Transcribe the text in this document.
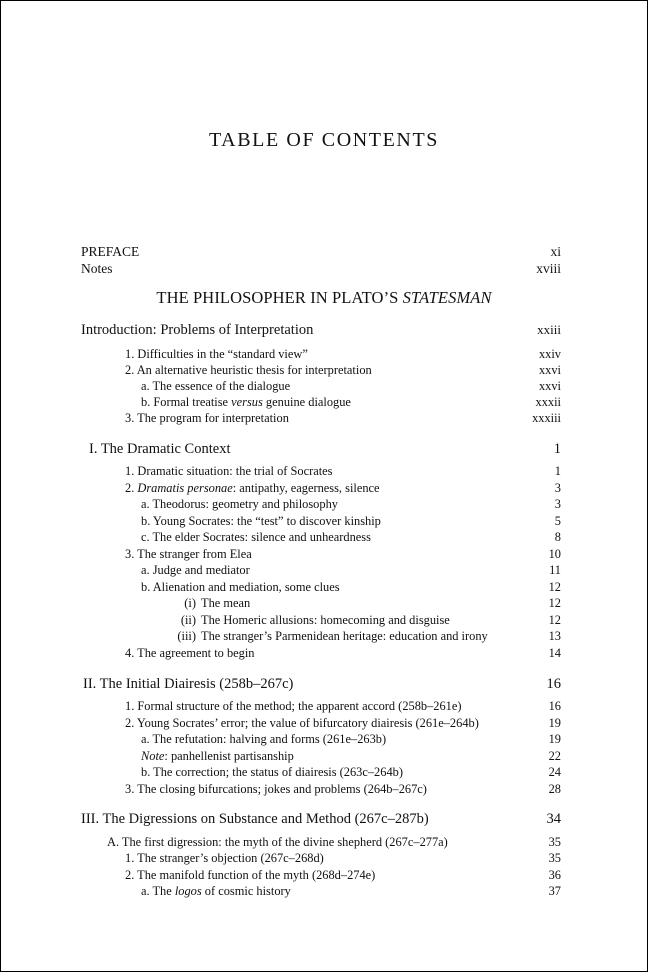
TABLE OF CONTENTS
PREFACE	xi
Notes	xviii
THE PHILOSOPHER IN PLATO’S STATESMAN
Introduction: Problems of Interpretation	xxiii
1. Difficulties in the “standard view”	xxiv
2. An alternative heuristic thesis for interpretation	xxvi
a. The essence of the dialogue	xxvi
b. Formal treatise versus genuine dialogue	xxxii
3. The program for interpretation	xxxiii
I. The Dramatic Context	1
1. Dramatic situation: the trial of Socrates	1
2. Dramatis personae: antipathy, eagerness, silence	3
a. Theodorus: geometry and philosophy	3
b. Young Socrates: the “test” to discover kinship	5
c. The elder Socrates: silence and unheardness	8
3. The stranger from Elea	10
a. Judge and mediator	11
b. Alienation and mediation, some clues	12
(i) The mean	12
(ii) The Homeric allusions: homecoming and disguise	12
(iii) The stranger’s Parmenidean heritage: education and irony	13
4. The agreement to begin	14
II. The Initial Diairesis (258b–267c)	16
1. Formal structure of the method; the apparent accord (258b–261e)	16
2. Young Socrates’ error; the value of bifurcatory diairesis (261e–264b)	19
a. The refutation: halving and forms (261e–263b)	19
Note: panhellenist partisanship	22
b. The correction; the status of diairesis (263c–264b)	24
3. The closing bifurcations; jokes and problems (264b–267c)	28
III. The Digressions on Substance and Method (267c–287b)	34
A. The first digression: the myth of the divine shepherd (267c–277a)	35
1. The stranger’s objection (267c–268d)	35
2. The manifold function of the myth (268d–274e)	36
a. The logos of cosmic history	37
